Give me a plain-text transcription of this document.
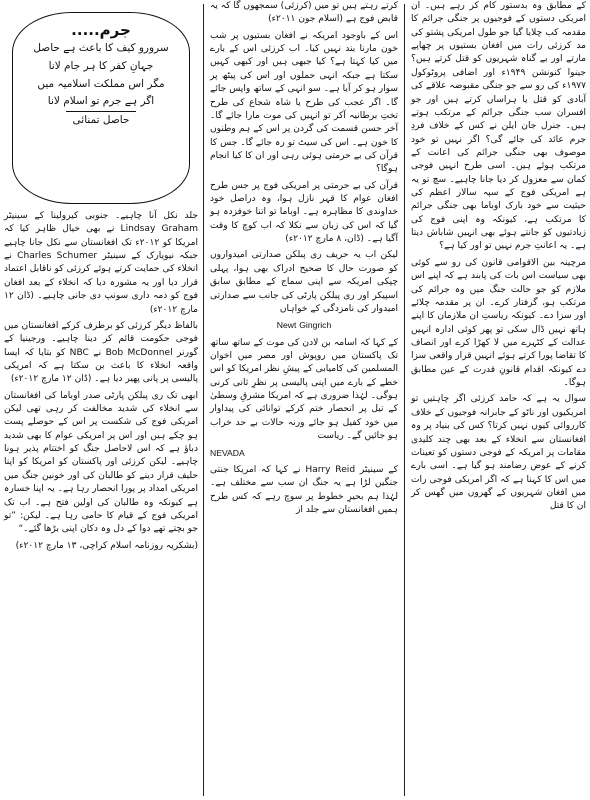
کے مطابق وہ بدستور کام کر رہے ہیں۔ ان امریکی دستوں کے فوجیوں پر جنگی جرائم کا مقدمہ کب چلایا گیا جو طول امریکی پشتو کی مد کرزئی رات میں افغان بستیوں پر چھاپے مارتے اور بے گناہ شہریوں کو قتل کرتے ہیں؟ جینوا کنونشن ۱۹۴۹ء اور اضافی پروٹوکول ۱۹۷۷ء کی رو سے جو جنگی مقبوضہ علاقے کی آبادی کو قتل یا ہراساں کرتے ہیں اور جو افسران سب جنگی جرائم کے مرتکب ہوتے ہیں۔ جنرل جان ایلن نے کس کے خلاف فردِ جرم عائد کی جائے گی؟ اگر نہیں تو خود موصوف بھی جنگی جرائم کی اعانت کے مرتکب ہوئے ہیں۔ اسی طرح انہیں فوجی کمان سے معزول کر دیا جانا چاہیے۔ سچ تو یہ ہے امریکی فوج کے سپہ سالار اعظم کی حیثیت سے خود بارک اوباما بھی جنگی جرائم کا مرتکب ہے، کیونکہ وہ اپنی فوج کی زیادتیوں کو جانتے ہوئے بھی انہیں شاباش دیتا ہے۔ یہ اعانتِ جرم نہیں تو اور کیا ہے؟

مرچینہ بین الاقوامی قانون کی رو سے کوئی بھی سیاست اس بات کی پابند ہے کہ اپنے اس ملازم کو جو حالت جنگ میں وہ جرائم کی مرتکب ہو، گرفتار کرے۔ ان پر مقدمہ چلائے اور سزا دے۔ کیونکہ ریاستِ ان ملازمان کا اپنے ہاتھ نہیں ڈال سکی تو پھر کوئی ادارہ انہیں عدالت کے کٹہرے میں لا کھڑا کرے اور انصاف کا تقاضا پورا کرتے ہوئے انہیں قرار واقعی سزا دے کیونکہ اقدام قانونِ قدرت کے عین مطابق ہوگا۔

سوال یہ ہے کہ حامد کرزئی اگر چاہتیں تو امریکیوں اور ناٹو کے جابرانہ فوجیوں کے خلاف کارروائی کیوں نہیں کرتا؟ کس کی بنیاد پر وہ افغانستان سے انخلاء کے بعد بھی چند کلیدی مقامات پر امریکہ کے فوجی دستوں کو تعینات کرنے کے عوض رضامند ہو گیا ہے۔ اسی بارے میں اس کا کہنا ہے کہ اگر امریکی فوجی رات میں افغان شہریوں کے گھروں میں گھس کر ان کا قتل

کرتے رہتے ہیں تو میں (کرزئی) سمجھوں گا کہ یہ قابض فوج ہے (اسلام جون ۲۰۱۱ء)

اس کے باوجود امریکہ نے افغان بستیوں پر شب خون مارنا بند نہیں کیا۔ اب کرزئی اس کے بارے میں کیا کہتا ہے؟ کیا جبھی ہیں اور کبھی کہیں سکتا ہے جبکہ انہی حملوں اور اس کی پیٹھ پر سوار ہو کر آیا ہے۔ سو انہی کے ساتھ واپس جائے گا۔ اگر عجب کی طرح یا شاہ شجاع کی طرح تختِ برطانیہ آکر تو انہیں کی موت مارا جائے گا۔ آخر حسن قسمت کی گردن پر اس کے ہم وطنوں کا خون ہے۔ اس کی سیٹ تو رہ جائے گا۔ جس کا قرآن کی بے حرمتی ہوئی رہی اور ان کا کیا انجام ہوگا؟

قرآن کی بے حرمتی پر امریکی فوج پر جس طرح افغان عوام کا قہر نازل ہوا، وہ دراصل خود خداوندی کا مظاہرہ ہے۔ اوباما تو اتنا خوفزدہ ہو گیا کہ اس کی زبان سے نکلا کہ اب کوچ کا وقت آگیا ہے۔ (ڈان، ۸ مارچ ۲۰۱۲ء)

لیکن اب یہ حریف ری پبلکن صدارتی امیدواروں کو صورت حال کا صحیح ادراک بھی ہوا، پہلی چپکی امریکہ سے اپنی سماج کے مطابق سابق اسپیکر اور ری پبلکن پارٹی کی جانب سے صدارتی امیدوار کی نامزدگی کے خواہاں

Newt Gingrich

کے کہا کہ اسامہ بن لادن کی موت کے ساتھ ساتھ تک پاکستان میں روپوش اور مصر میں اخوان المسلمین کی کامیابی کے پیشِ نظر امریکا کو اس خطے کے بارے میں اپنی پالیسی پر نظرِ ثانی کرنی ہوگی۔ لہٰذا ضروری ہے کہ امریکا مشرقِ وسطیٰ کے تیل پر انحصار ختم کرکے توانائی کی پیداوار میں خود کفیل ہو جائے ورنہ حالات بے حد خراب ہو جائیں گے۔ ریاست

NEVADA

کے سینیٹر Harry Reid نے کہا کہ امریکا جنتی جنگیں لڑا ہے یہ جنگ ان سب سے مختلف ہے۔ لہٰذا ہم بحیرِ خطوط پر سوچ رہے کہ کس طرح ہمیں افغانستان سے جلد از

جرم.....
سرورو کیف کا باعث ہے حاصل
جہانِ کفر کا ہر جام لانا
مگر اس مملکت اسلامیہ میں
اگر ہے جرم تو اسلام لانا
حاصل تمنائی

جلد نکل آنا چاہیے۔ جنوبی کیرولینا کے سینیٹر Lindsay Graham نے بھی خیال ظاہر کیا کہ امریکا کو ۲۰۱۲ء تک افغانستان سے نکل جانا چاہیے جبکہ نیویارک کے سینیٹر Charles Schumer نے انخلاء کی حمایت کرتے ہوئے کرزئی کو ناقابل اعتماد قرار دیا اور یہ مشورہ دیا کہ انخلاء کے بعد افغان فوج کو ذمہ داری سونپ دی جانی چاہیے۔ (ڈان ۱۲ مارچ ۲۰۱۲ء)

بالفاظ دیگر کرزئی کو برطرف کرکے افغانستان میں فوجی حکومت قائم کر دینا چاہیے۔ ورجینیا کے گورنر Bob McDonnel نے NBC کو بتایا کہ ایسا واقعہ انخلاء کا باعث بن سکتا ہے کہ امریکی پالیسی پر پانی پھیر دیا ہے۔ (ڈان ۱۲ مارچ ۲۰۱۲ء)

ابھی تک ری پبلکن پارٹی صدر اوباما کی افغانستان سے انخلاء کی شدید مخالفت کر رہی تھی لیکن امریکی فوج کی شکست پر اس کے حوصلے پست ہو چکے ہیں اور اس پر امریکی عوام کا بھی شدید دباؤ ہے کہ اس لاحاصل جنگ کو اختتام پذیر ہونا چاہیے۔ لیکن کرزئی اور پاکستان کو امریکا کو اپنا حلیف قرار دینے کو طالبان کی اور خونین جنگ میں امریکی امداد پر پورا انحصار رہا ہے۔ یہ اپنا خسارہ ہے کیونکہ وہ طالبان کی اولین فتح ہے۔ اب تک امریکی فوج کے قیام کا حامی رہا ہے۔ لیکن: ”تو جو بچتے تھے دوا کے دل وہ دکان اپنی بڑھا گئے۔“

(بشکریہ روزنامہ اسلام کراچی، ۱۳ مارچ ۲۰۱۲ء)
